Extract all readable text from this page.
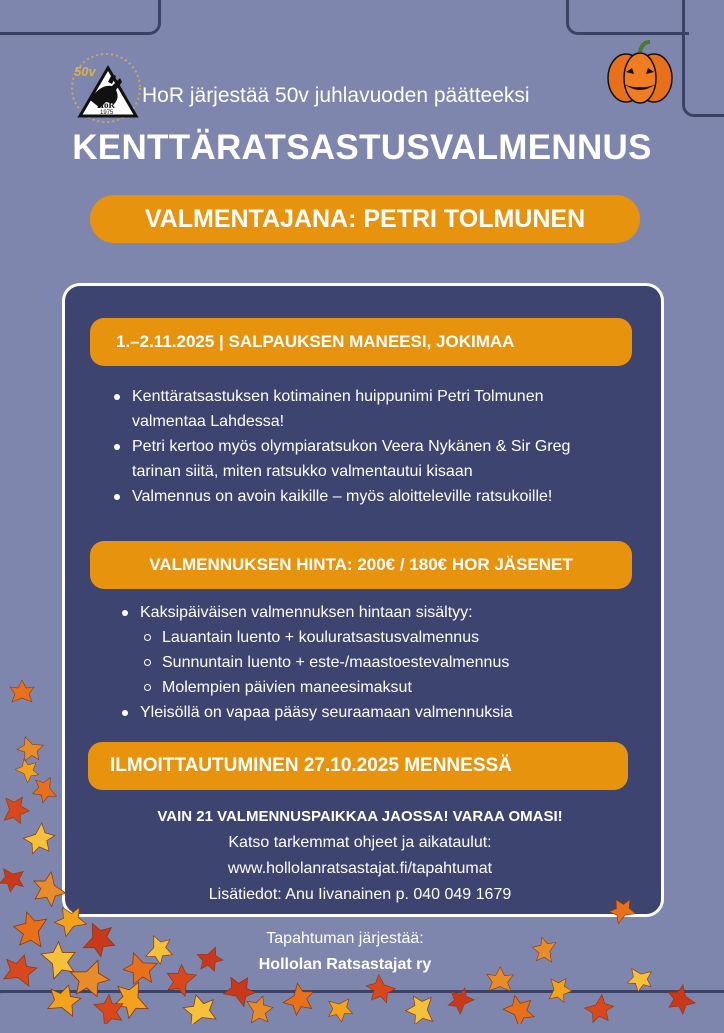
50v
HoR
1975
HoR järjestää 50v juhlavuoden päätteeksi
KENTTÄRATSASTUSVALMENNUS
VALMENTAJANA: PETRI TOLMUNEN
1.–2.11.2025 | SALPAUKSEN MANEESI, JOKIMAA
Kenttäratsastuksen kotimainen huippunimi Petri Tolmunen valmentaa Lahdessa!
Petri kertoo myös olympiaratsukon Veera Nykänen & Sir Greg tarinan siitä, miten ratsukko valmentautui kisaan
Valmennus on avoin kaikille – myös aloitteleville ratsukoille!
VALMENNUKSEN HINTA: 200€ / 180€ HOR JÄSENET
Kaksipäiväisen valmennuksen hintaan sisältyy:
Lauantain luento + kouluratsastusvalmennus
Sunnuntain luento + este-/maastoestevalmennus
Molempien päivien maneesimaksut
Yleisöllä on vapaa pääsy seuraamaan valmennuksia
ILMOITTAUTUMINEN 27.10.2025 MENNESSÄ
VAIN 21 VALMENNUSPAIKKAA JAOSSA! VARAA OMASI!
Katso tarkemmat ohjeet ja aikataulut:
www.hollolanratsastajat.fi/tapahtumat
Lisätiedot: Anu Iivanainen p. 040 049 1679
Tapahtuman järjestää:
Hollolan Ratsastajat ry
